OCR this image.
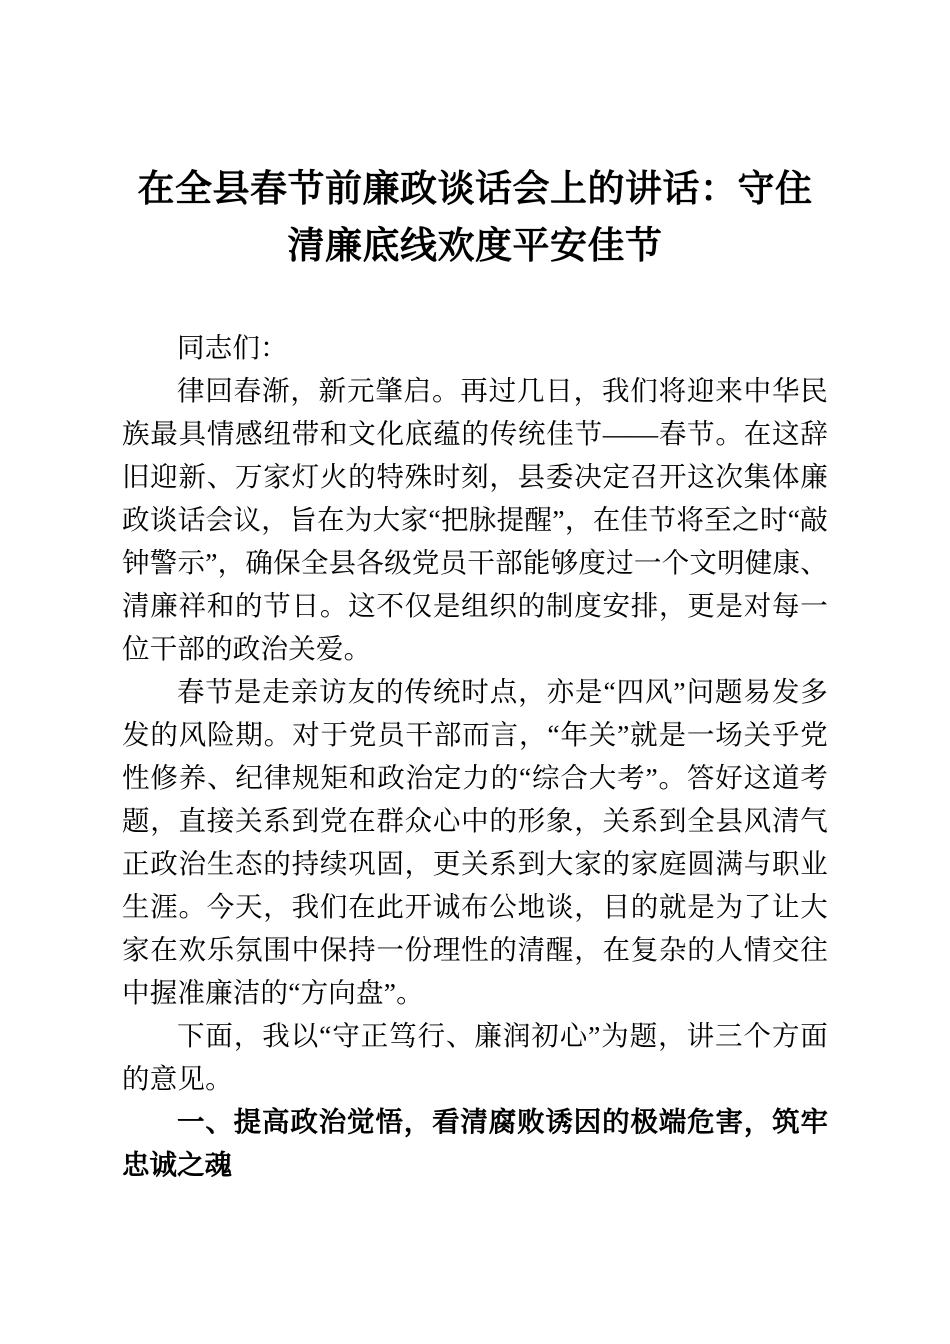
在全县春节前廉政谈话会上的讲话：守住清廉底线欢度平安佳节

同志们：

律回春渐，新元肇启。再过几日，我们将迎来中华民族最具情感纽带和文化底蕴的传统佳节——春节。在这辞旧迎新、万家灯火的特殊时刻，县委决定召开这次集体廉政谈话会议，旨在为大家“把脉提醒”，在佳节将至之时“敲钟警示”，确保全县各级党员干部能够度过一个文明健康、清廉祥和的节日。这不仅是组织的制度安排，更是对每一位干部的政治关爱。

春节是走亲访友的传统时点，亦是“四风”问题易发多发的风险期。对于党员干部而言，“年关”就是一场关乎党性修养、纪律规矩和政治定力的“综合大考”。答好这道考题，直接关系到党在群众心中的形象，关系到全县风清气正政治生态的持续巩固，更关系到大家的家庭圆满与职业生涯。今天，我们在此开诚布公地谈，目的就是为了让大家在欢乐氛围中保持一份理性的清醒，在复杂的人情交往中握准廉洁的“方向盘”。

下面，我以“守正笃行、廉润初心”为题，讲三个方面的意见。

一、提高政治觉悟，看清腐败诱因的极端危害，筑牢忠诚之魂
